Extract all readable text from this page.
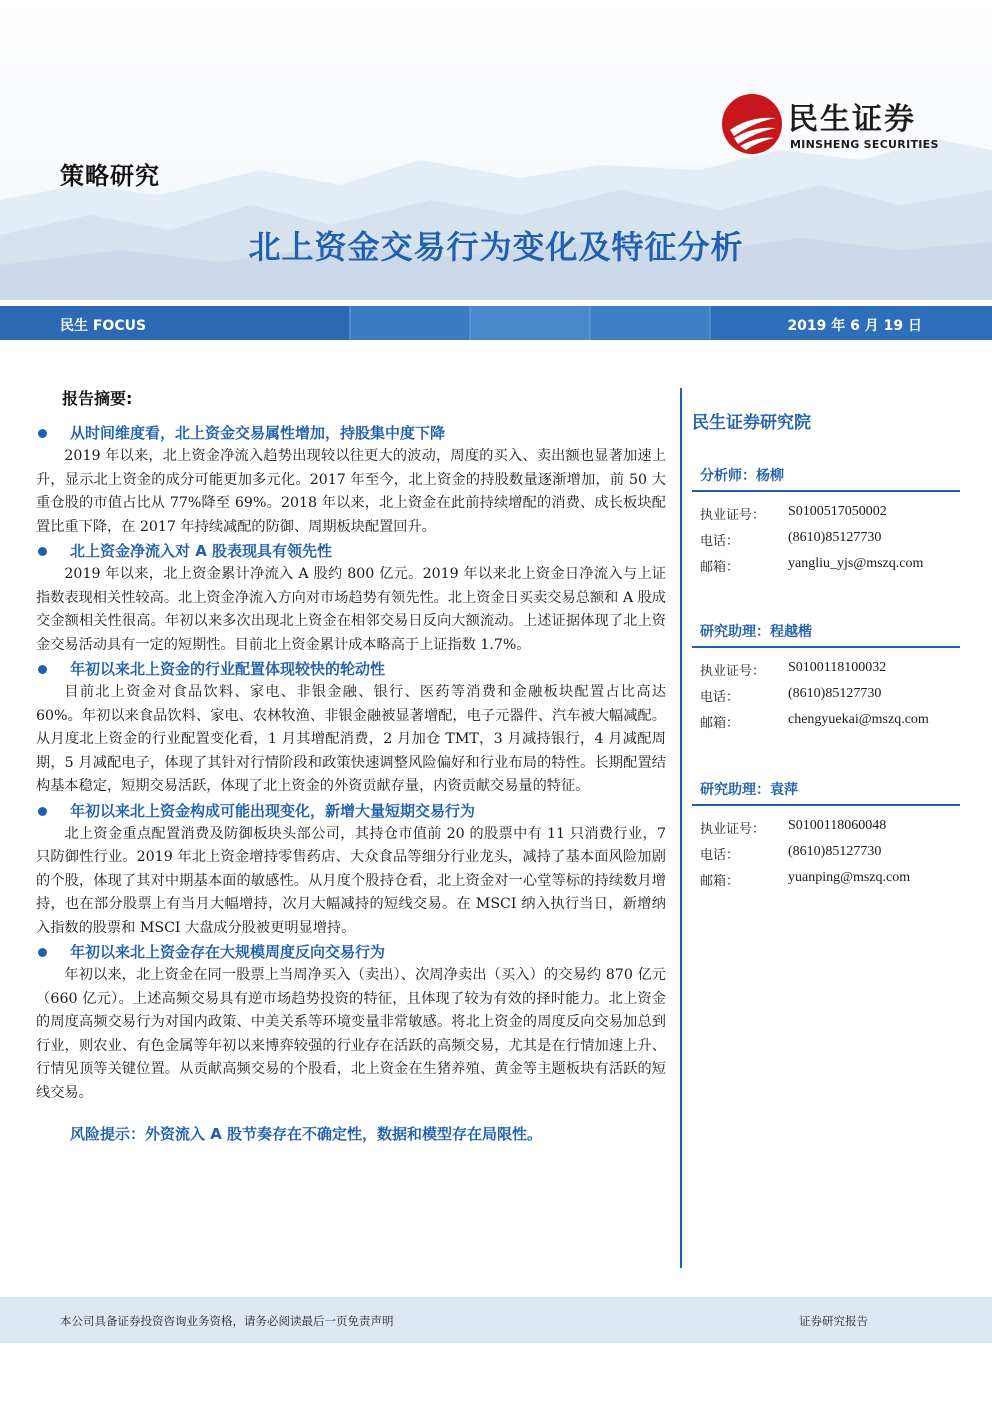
策略研究
民生证券
MINSHENG SECURITIES
北上资金交易行为变化及特征分析
民生 FOCUS	2019 年 6 月 19 日
报告摘要:
从时间维度看，北上资金交易属性增加，持股集中度下降

2019 年以来，北上资金净流入趋势出现较以往更大的波动，周度的买入、卖出额也显著加速上升，显示北上资金的成分可能更加多元化。2017 年至今，北上资金的持股数量逐渐增加，前 50 大重仓股的市值占比从 77%降至 69%。2018 年以来，北上资金在此前持续增配的消费、成长板块配置比重下降，在 2017 年持续减配的防御、周期板块配置回升。

北上资金净流入对 A 股表现具有领先性

2019 年以来，北上资金累计净流入 A 股约 800 亿元。2019 年以来北上资金日净流入与上证指数表现相关性较高。北上资金净流入方向对市场趋势有领先性。北上资金日买卖交易总额和 A 股成交金额相关性很高。年初以来多次出现北上资金在相邻交易日反向大额流动。上述证据体现了北上资金交易活动具有一定的短期性。目前北上资金累计成本略高于上证指数 1.7%。

年初以来北上资金的行业配置体现较快的轮动性

目前北上资金对食品饮料、家电、非银金融、银行、医药等消费和金融板块配置占比高达 60%。年初以来食品饮料、家电、农林牧渔、非银金融被显著增配，电子元器件、汽车被大幅减配。从月度北上资金的行业配置变化看，1 月其增配消费，2 月加仓 TMT，3 月减持银行，4 月减配周期，5 月减配电子，体现了其针对行情阶段和政策快速调整风险偏好和行业布局的特性。长期配置结构基本稳定，短期交易活跃，体现了北上资金的外资贡献存量，内资贡献交易量的特征。

年初以来北上资金构成可能出现变化，新增大量短期交易行为

北上资金重点配置消费及防御板块头部公司，其持仓市值前 20 的股票中有 11 只消费行业，7 只防御性行业。2019 年北上资金增持零售药店、大众食品等细分行业龙头，减持了基本面风险加剧的个股，体现了其对中期基本面的敏感性。从月度个股持仓看，北上资金对一心堂等标的持续数月增持，也在部分股票上有当月大幅增持，次月大幅减持的短线交易。在 MSCI 纳入执行当日，新增纳入指数的股票和 MSCI 大盘成分股被更明显增持。

年初以来北上资金存在大规模周度反向交易行为

年初以来，北上资金在同一股票上当周净买入（卖出）、次周净卖出（买入）的交易约 870 亿元（660 亿元）。上述高频交易具有逆市场趋势投资的特征，且体现了较为有效的择时能力。北上资金的周度高频交易行为对国内政策、中美关系等环境变量非常敏感。将北上资金的周度反向交易加总到行业，则农业、有色金属等年初以来博弈较强的行业存在活跃的高频交易，尤其是在行情加速上升、行情见顶等关键位置。从贡献高频交易的个股看，北上资金在生猪养殖、黄金等主题板块有活跃的短线交易。

风险提示：外资流入 A 股节奏存在不确定性，数据和模型存在局限性。
民生证券研究院
分析师：杨柳
执业证号： S0100517050002
电话：	(8610)85127730
邮箱：	yangliu_yjs@mszq.com
研究助理：程越楷
执业证号： S0100118100032
电话：	(8610)85127730
邮箱：	chengyuekai@mszq.com
研究助理：袁萍
执业证号： S0100118060048
电话：	(8610)85127730
邮箱：	yuanping@mszq.com
本公司具备证券投资咨询业务资格，请务必阅读最后一页免责声明	证券研究报告
